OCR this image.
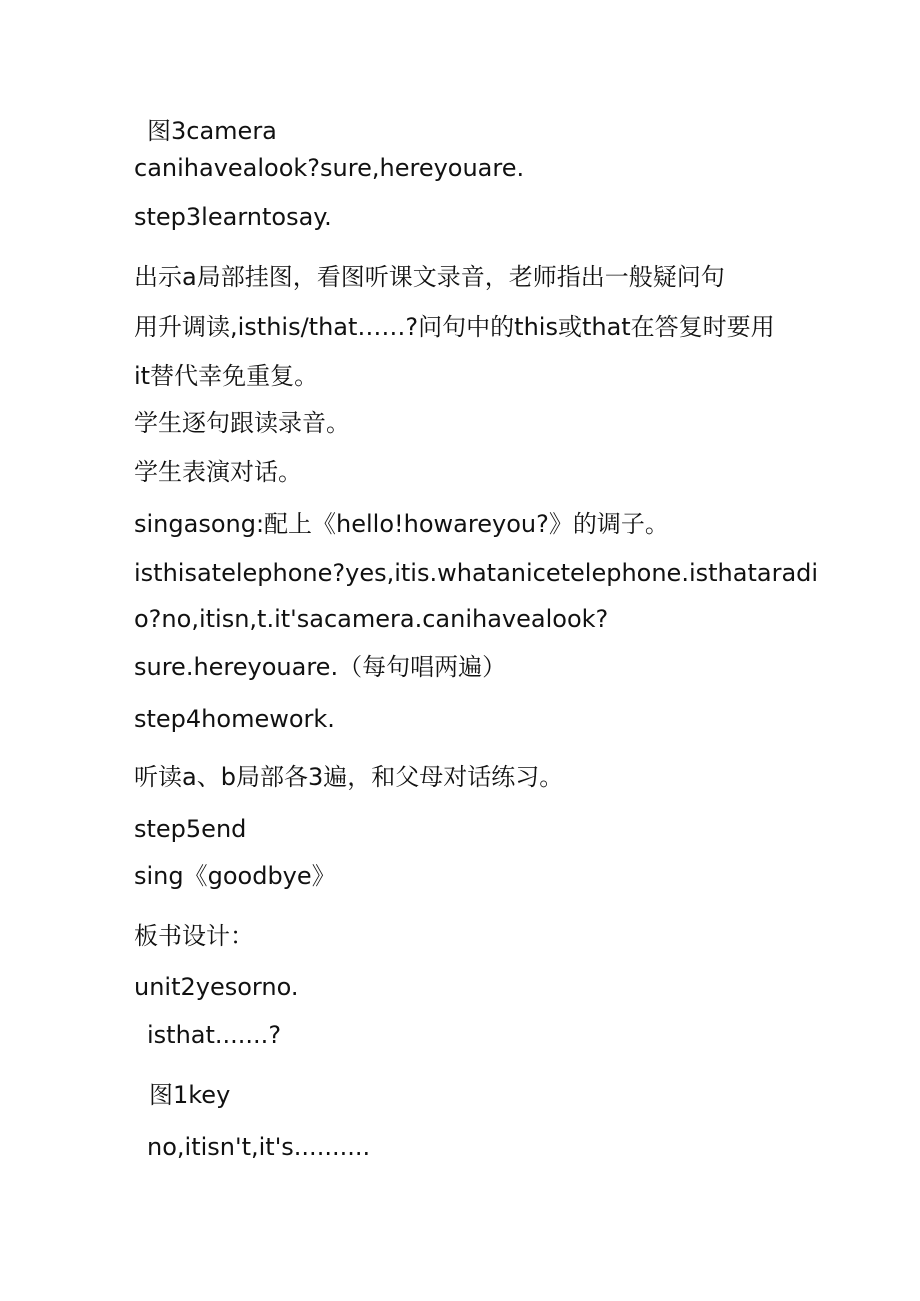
图3camera
canihavealook?sure,hereyouare.
step3learntosay.
出示a局部挂图，看图听课文录音，老师指出一般疑问句
用升调读,isthis/that……?问句中的this或that在答复时要用
it替代幸免重复。
学生逐句跟读录音。
学生表演对话。
singasong:配上《hello!howareyou?》的调子。
isthisatelephone?yes,itis.whatanicetelephone.isthataradi
o?no,itisn,t.it'sacamera.canihavealook?
sure.hereyouare.（每句唱两遍）
step4homework.
听读a、b局部各3遍，和父母对话练习。
step5end
sing《goodbye》
板书设计：
unit2yesorno.
isthat.......?
图1key
no,itisn't,it's..........
